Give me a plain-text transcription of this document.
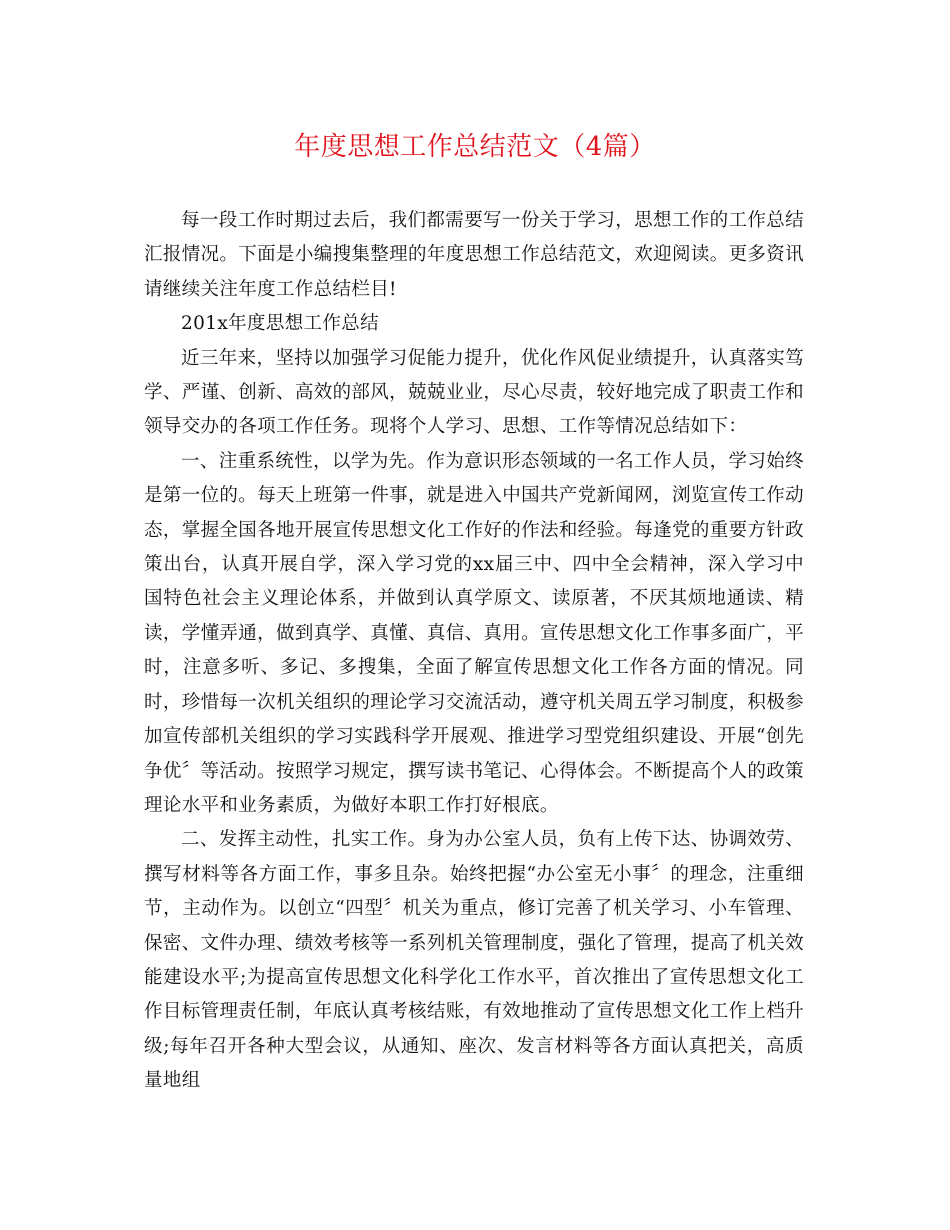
年度思想工作总结范文（4篇）

每一段工作时期过去后，我们都需要写一份关于学习，思想工作的工作总结汇报情况。下面是小编搜集整理的年度思想工作总结范文，欢迎阅读。更多资讯请继续关注年度工作总结栏目!

201x年度思想工作总结

近三年来，坚持以加强学习促能力提升，优化作风促业绩提升，认真落实笃学、严谨、创新、高效的部风，兢兢业业，尽心尽责，较好地完成了职责工作和领导交办的各项工作任务。现将个人学习、思想、工作等情况总结如下：

一、注重系统性，以学为先。作为意识形态领域的一名工作人员，学习始终是第一位的。每天上班第一件事，就是进入中国共产党新闻网，浏览宣传工作动态，掌握全国各地开展宣传思想文化工作好的作法和经验。每逢党的重要方针政策出台，认真开展自学，深入学习党的xx届三中、四中全会精神，深入学习中国特色社会主义理论体系，并做到认真学原文、读原著，不厌其烦地通读、精读，学懂弄通，做到真学、真懂、真信、真用。宣传思想文化工作事多面广，平时，注意多听、多记、多搜集，全面了解宣传思想文化工作各方面的情况。同时，珍惜每一次机关组织的理论学习交流活动，遵守机关周五学习制度，积极参加宣传部机关组织的学习实践科学开展观、推进学习型党组织建设、开展“创先争优〞等活动。按照学习规定，撰写读书笔记、心得体会。不断提高个人的政策理论水平和业务素质，为做好本职工作打好根底。

二、发挥主动性，扎实工作。身为办公室人员，负有上传下达、协调效劳、撰写材料等各方面工作，事多且杂。始终把握“办公室无小事〞的理念，注重细节，主动作为。以创立“四型〞机关为重点，修订完善了机关学习、小车管理、保密、文件办理、绩效考核等一系列机关管理制度，强化了管理，提高了机关效能建设水平;为提高宣传思想文化科学化工作水平，首次推出了宣传思想文化工作目标管理责任制，年底认真考核结账，有效地推动了宣传思想文化工作上档升级;每年召开各种大型会议，从通知、座次、发言材料等各方面认真把关，高质量地组
